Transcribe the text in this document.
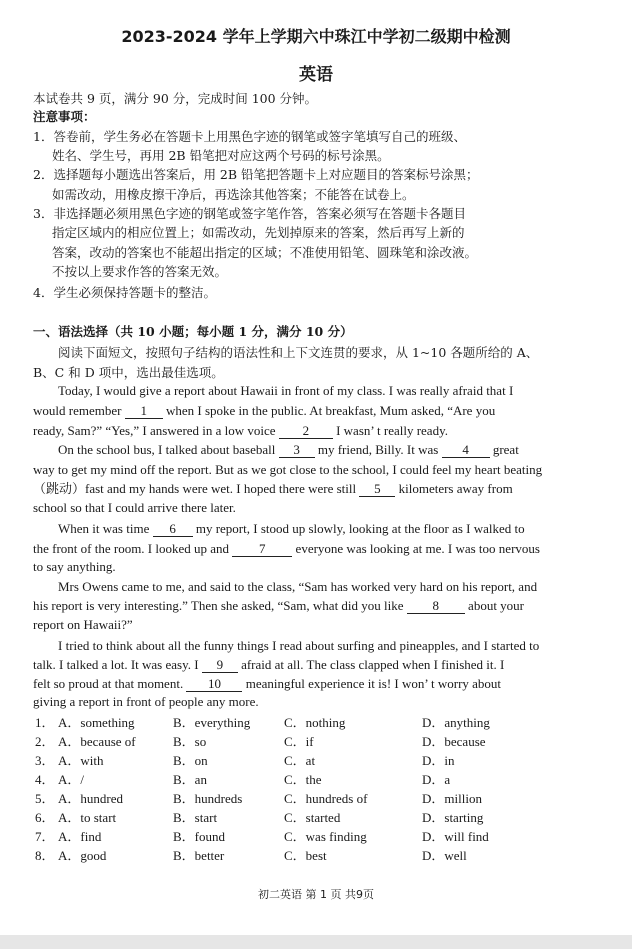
2023-2024 学年上学期六中珠江中学初二级期中检测
英语
本试卷共 9 页，满分 90 分，完成时间 100 分钟。
注意事项：
1．答卷前，学生务必在答题卡上用黑色字迹的钢笔或签字笔填写自己的班级、
姓名、学生号，再用 2B 铅笔把对应这两个号码的标号涂黑。
2．选择题每小题选出答案后，用 2B 铅笔把答题卡上对应题目的答案标号涂黑；
如需改动，用橡皮擦干净后，再选涂其他答案；不能答在试卷上。
3．非选择题必须用黑色字迹的钢笔或签字笔作答，答案必须写在答题卡各题目
指定区域内的相应位置上；如需改动，先划掉原来的答案，然后再写上新的
答案，改动的答案也不能超出指定的区域；不准使用铅笔、圆珠笔和涂改液。
不按以上要求作答的答案无效。
4．学生必须保持答题卡的整洁。
一、语法选择（共 10 小题；每小题 1 分，满分 10 分）
阅读下面短文，按照句子结构的语法性和上下文连贯的要求，从 1~10 各题所给的 A、
B、C 和 D 项中，选出最佳选项。
Today, I would give a report about Hawaii in front of my class. I was really afraid that I
would remember 1 when I spoke in the public. At breakfast, Mum asked, “Are you
ready, Sam?” “Yes,” I answered in a low voice 2 I wasn’ t really ready.
On the school bus, I talked about baseball 3 my friend, Billy. It was 4 great
way to get my mind off the report. But as we got close to the school, I could feel my heart beating
（跳动）fast and my hands were wet. I hoped there were still 5 kilometers away from
school so that I could arrive there later.
When it was time 6 my report, I stood up slowly, looking at the floor as I walked to
the front of the room. I looked up and 7 everyone was looking at me. I was too nervous
to say anything.
Mrs Owens came to me, and said to the class, “Sam has worked very hard on his report, and
his report is very interesting.” Then she asked, “Sam, what did you like 8 about your
report on Hawaii?”
I tried to think about all the funny things I read about surfing and pineapples, and I started to
talk. I talked a lot. It was easy. I 9 afraid at all. The class clapped when I finished it. I
felt so proud at that moment. 10 meaningful experience it is! I won’ t worry about
giving a report in front of people any more.
1． A．something	B．everything	C．nothing	D．anything
2． A．because of	B．so	C．if	D．because
3． A．with	B．on	C．at	D．in
4． A．/	B．an	C．the	D．a
5． A．hundred	B．hundreds	C．hundreds of	D．million
6． A．to start	B．start	C．started	D．starting
7． A．find	B．found	C．was finding	D．will find
8． A．good	B．better	C．best	D．well
初二英语 第 1 页 共9页
